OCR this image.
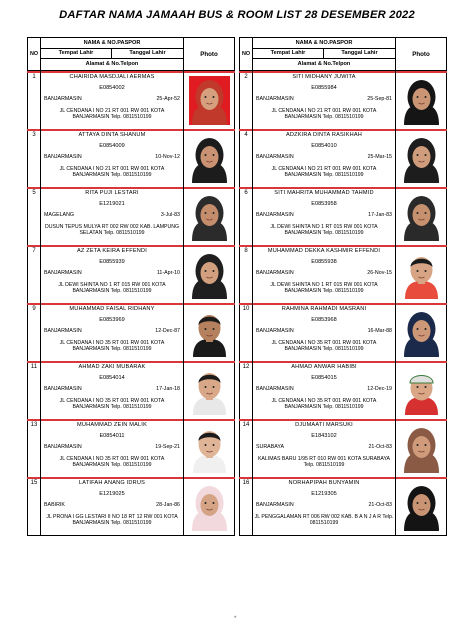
DAFTAR NAMA JAMAAH BUS & ROOM LIST 28 DESEMBER 2022
NO
NAMA & NO.PASPOR
Tempat Lahir	Tanggal Lahir
Alamat & No.Telpon
Photo
1	CHAIRIDA MASDJALI AERMAS
E0854002
BANJARMASIN	25-Apr-52
JL CENDANA I NO 21 RT 001 RW 001 KOTA BANJARMASIN Telp. 0811510199
3	ATTAYA DINTA SHANUM
E0854009
BANJARMASIN	10-Nov-12
JL CENDANA I NO 21 RT 001 RW 001 KOTA BANJARMASIN Telp. 0811510199
5	RITA PUJI LESTARI
E1219021
MAGELANG	3-Jul-83
DUSUN TEPUS MULYA RT 002 RW 002 KAB. LAMPUNG SELATAN Telp. 0811510199
7	AZ ZETA KEIRA EFFENDI
E0855939
BANJARMASIN	11-Apr-10
JL DEWI SHINTA NO 1 RT 015 RW 001 KOTA BANJARMASIN Telp. 0811510199
9	MUHAMMAD FAISAL RIDHANY
E0853969
BANJARMASIN	12-Dec-87
JL CENDANA I NO 35 RT 001 RW 001 KOTA BANJARMASIN Telp. 0811510199
11	AHMAD ZAKI MUBARAK
E0854014
BANJARMASIN	17-Jan-18
JL CENDANA I NO 35 RT 001 RW 001 KOTA BANJARMASIN Telp. 0811510199
13	MUHAMMAD ZEIN MALIK
E0854011
BANJARMASIN	19-Sep-21
JL CENDANA I NO 35 RT 001 RW 001 KOTA BANJARMASIN Telp. 0811510199
15	LATIFAH ANANG IDRUS
E1219025
BABIRIK	28-Jan-86
JL PRONA I GG LESTARI II NO 18 RT 12 RW 001 KOTA BANJARMASIN Telp. 0811510199
NO
NAMA & NO.PASPOR
Tempat Lahir	Tanggal Lahir
Alamat & No.Telpon
Photo
2	SITI MIDHANY JUWITA
E0855984
BANJARMASIN	25-Sep-81
JL CENDANA I NO 21 RT 001 RW 001 KOTA BANJARMASIN Telp. 0811510199
4	ADZKIRA DINTA RASIKHAH
E0854010
BANJARMASIN	25-Mar-15
JL CENDANA I NO 21 RT 001 RW 001 KOTA BANJARMASIN Telp. 0811510199
6	SITI MAHRITA MUHAMMAD TAHMID
E0853958
BANJARMASIN	17-Jan-83
JL DEWI SHINTA NO 1 RT 015 RW 001 KOTA BANJARMASIN Telp. 0811510199
8	MUHAMMAD DEKKA KASHMIR EFFENDI
E0855938
BANJARMASIN	26-Nov-15
JL DEWI SHINTA NO 1 RT 015 RW 001 KOTA BANJARMASIN Telp. 0811510199
10	RAHMINA RAHMADI MASRANI
E0853968
BANJARMASIN	16-Mar-88
JL CENDANA I NO 35 RT 001 RW 001 KOTA BANJARMASIN Telp. 0811510199
12	AHMAD ANWAR HABIBI
E0854015
BANJARMASIN	12-Dec-19
JL CENDANA I NO 35 RT 001 RW 001 KOTA BANJARMASIN Telp. 0811510199
14	DJUMAATI MARSUKI
E1843102
SURABAYA	21-Oct-83
KALIMAS BARU 1/95 RT 010 RW 001 KOTA SURABAYA Telp. 0811510199
16	NORHAPIPAH BUNYAMIN
E1219305
BANJARMASIN	21-Oct-83
JL PENGGALAMAN RT 006 RW 002 KAB. B A N J A R Telp. 0811510199
*
